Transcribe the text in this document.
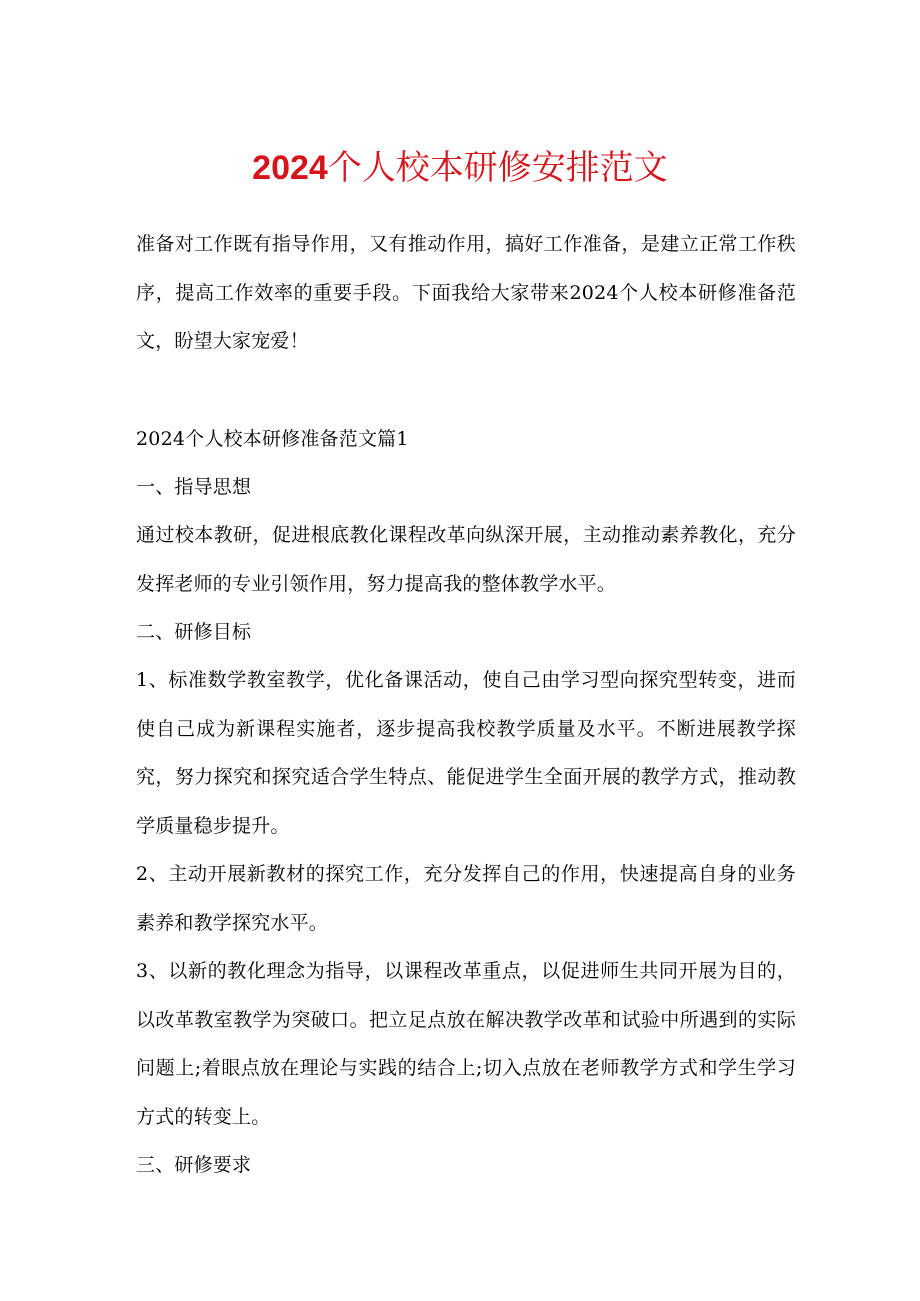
2024个人校本研修安排范文

准备对工作既有指导作用，又有推动作用，搞好工作准备，是建立正常工作秩序，提高工作效率的重要手段。下面我给大家带来2024个人校本研修准备范文，盼望大家宠爱！

2024个人校本研修准备范文篇1
一、指导思想

通过校本教研，促进根底教化课程改革向纵深开展，主动推动素养教化，充分发挥老师的专业引领作用，努力提高我的整体教学水平。

二、研修目标

1、标准数学教室教学，优化备课活动，使自己由学习型向探究型转变，进而使自己成为新课程实施者，逐步提高我校教学质量及水平。不断进展教学探究，努力探究和探究适合学生特点、能促进学生全面开展的教学方式，推动教学质量稳步提升。

2、主动开展新教材的探究工作，充分发挥自己的作用，快速提高自身的业务素养和教学探究水平。

3、以新的教化理念为指导，以课程改革重点，以促进师生共同开展为目的，以改革教室教学为突破口。把立足点放在解决教学改革和试验中所遇到的实际问题上;着眼点放在理论与实践的结合上;切入点放在老师教学方式和学生学习方式的转变上。

三、研修要求
